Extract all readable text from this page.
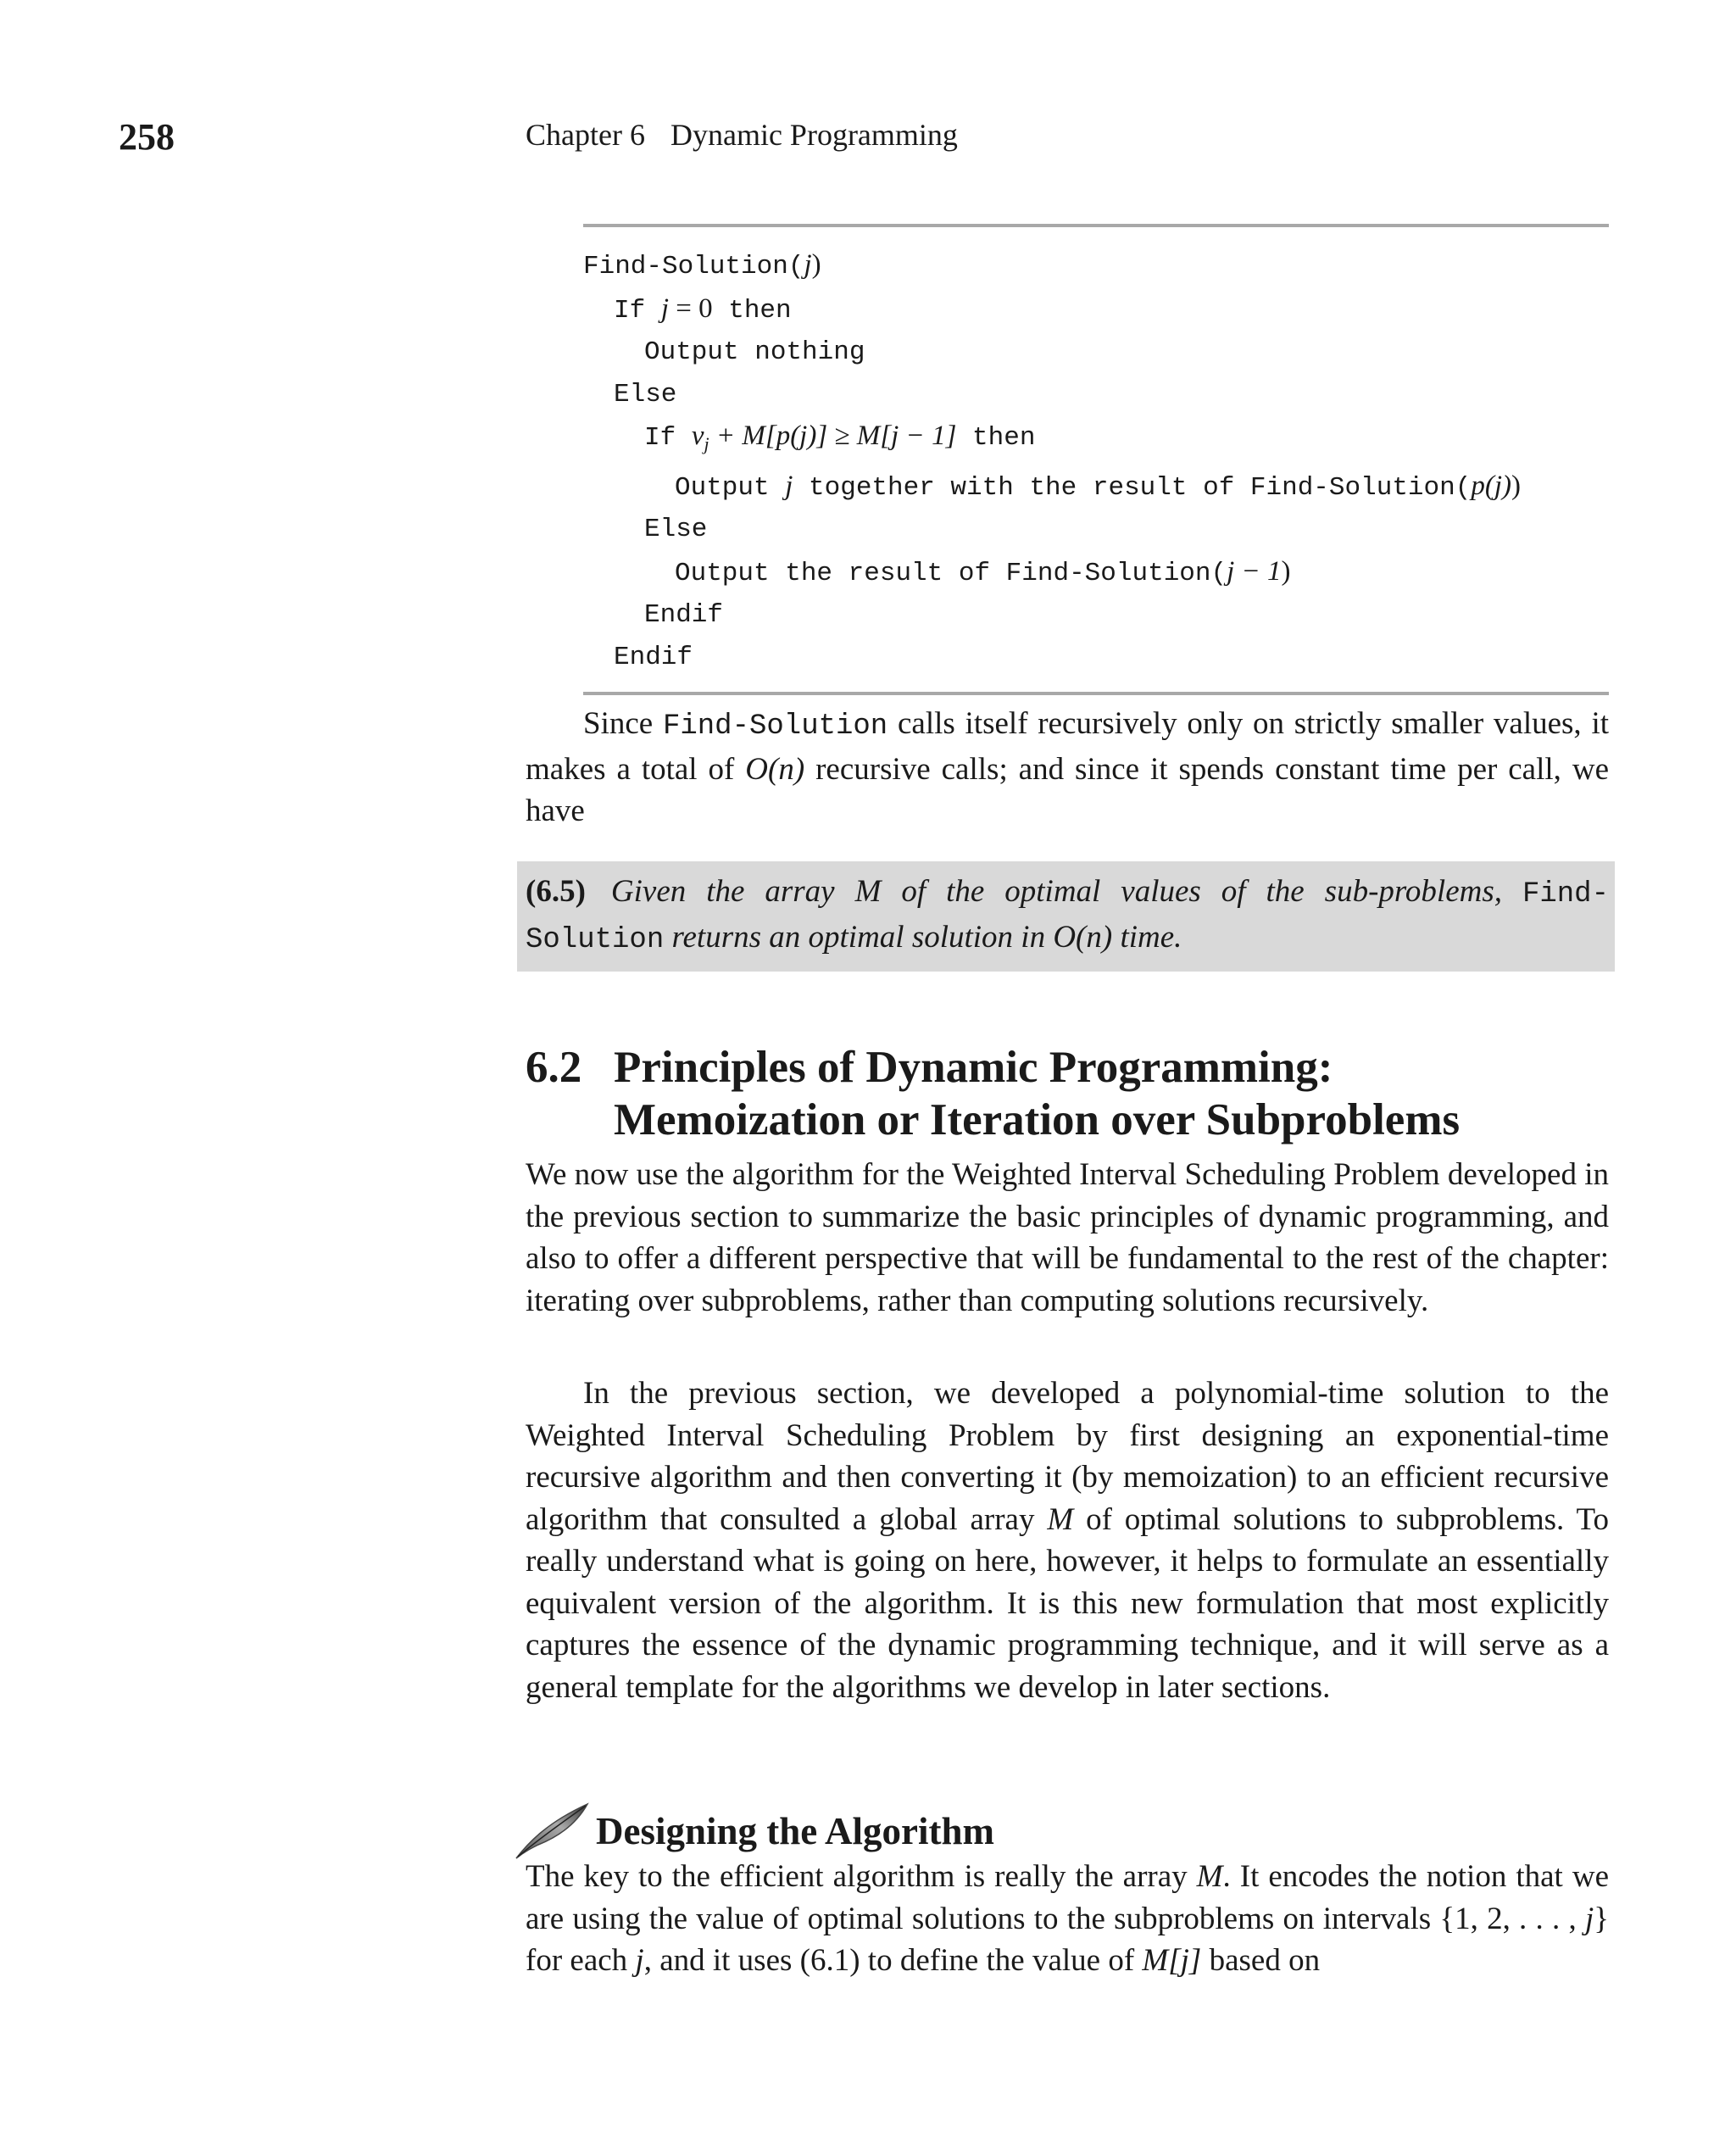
258	Chapter 6 Dynamic Programming
Find-Solution(j)
If j = 0 then
Output nothing
Else
If $v_j + M[p(j)] \ge M[j - 1]$ then
Output j together with the result of Find-Solution(p(j))
Else
Output the result of Find-Solution(j − 1)
Endif
Endif

Since Find-Solution calls itself recursively only on strictly smaller values, it makes a total of O(n) recursive calls; and since it spends constant time per call, we have

(6.5) Given the array M of the optimal values of the sub-problems, Find-Solution returns an optimal solution in O(n) time.
6.2 Principles of Dynamic Programming:
Memoization or Iteration over Subproblems

We now use the algorithm for the Weighted Interval Scheduling Problem developed in the previous section to summarize the basic principles of dynamic programming, and also to offer a different perspective that will be fundamental to the rest of the chapter: iterating over subproblems, rather than computing solutions recursively.

In the previous section, we developed a polynomial-time solution to the Weighted Interval Scheduling Problem by first designing an exponential-time recursive algorithm and then converting it (by memoization) to an efficient recursive algorithm that consulted a global array M of optimal solutions to subproblems. To really understand what is going on here, however, it helps to formulate an essentially equivalent version of the algorithm. It is this new formulation that most explicitly captures the essence of the dynamic programming technique, and it will serve as a general template for the algorithms we develop in later sections.

Designing the Algorithm

The key to the efficient algorithm is really the array M. It encodes the notion that we are using the value of optimal solutions to the subproblems on intervals {1, 2, . . . , j} for each j, and it uses (6.1) to define the value of M[j] based on
